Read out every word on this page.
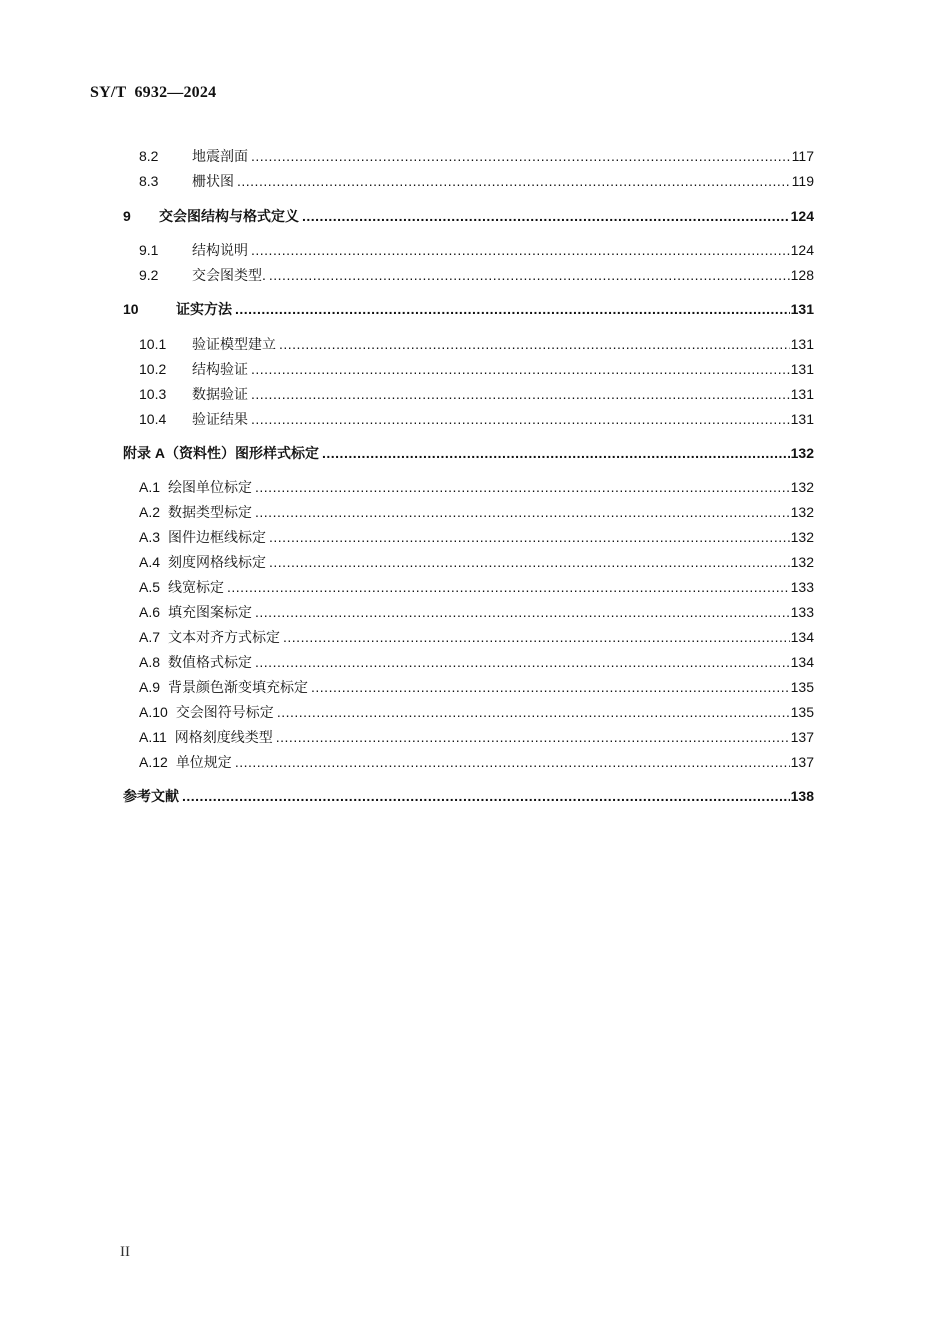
SY/T  6932—2024
8.2	地震剖面 .....	117
8.3	栅状图 .....	119
9	交会图结构与格式定义 .....	124
9.1	结构说明 .....	124
9.2	交会图类型. .....	128
10	证实方法 .....	131
10.1	验证模型建立 .....	131
10.2	结构验证 .....	131
10.3	数据验证 .....	131
10.4	验证结果 .....	131
附录 A（资料性）图形样式标定 .....	132
A.1 绘图单位标定 .....	132
A.2 数据类型标定 .....	132
A.3 图件边框线标定 .....	132
A.4 刻度网格线标定 .....	132
A.5 线宽标定 .....	133
A.6 填充图案标定 .....	133
A.7 文本对齐方式标定 .....	134
A.8 数值格式标定 .....	134
A.9 背景颜色渐变填充标定 .....	135
A.10 交会图符号标定 .....	135
A.11 网格刻度线类型 .....	137
A.12 单位规定 .....	137
参考文献 .....	138
II
